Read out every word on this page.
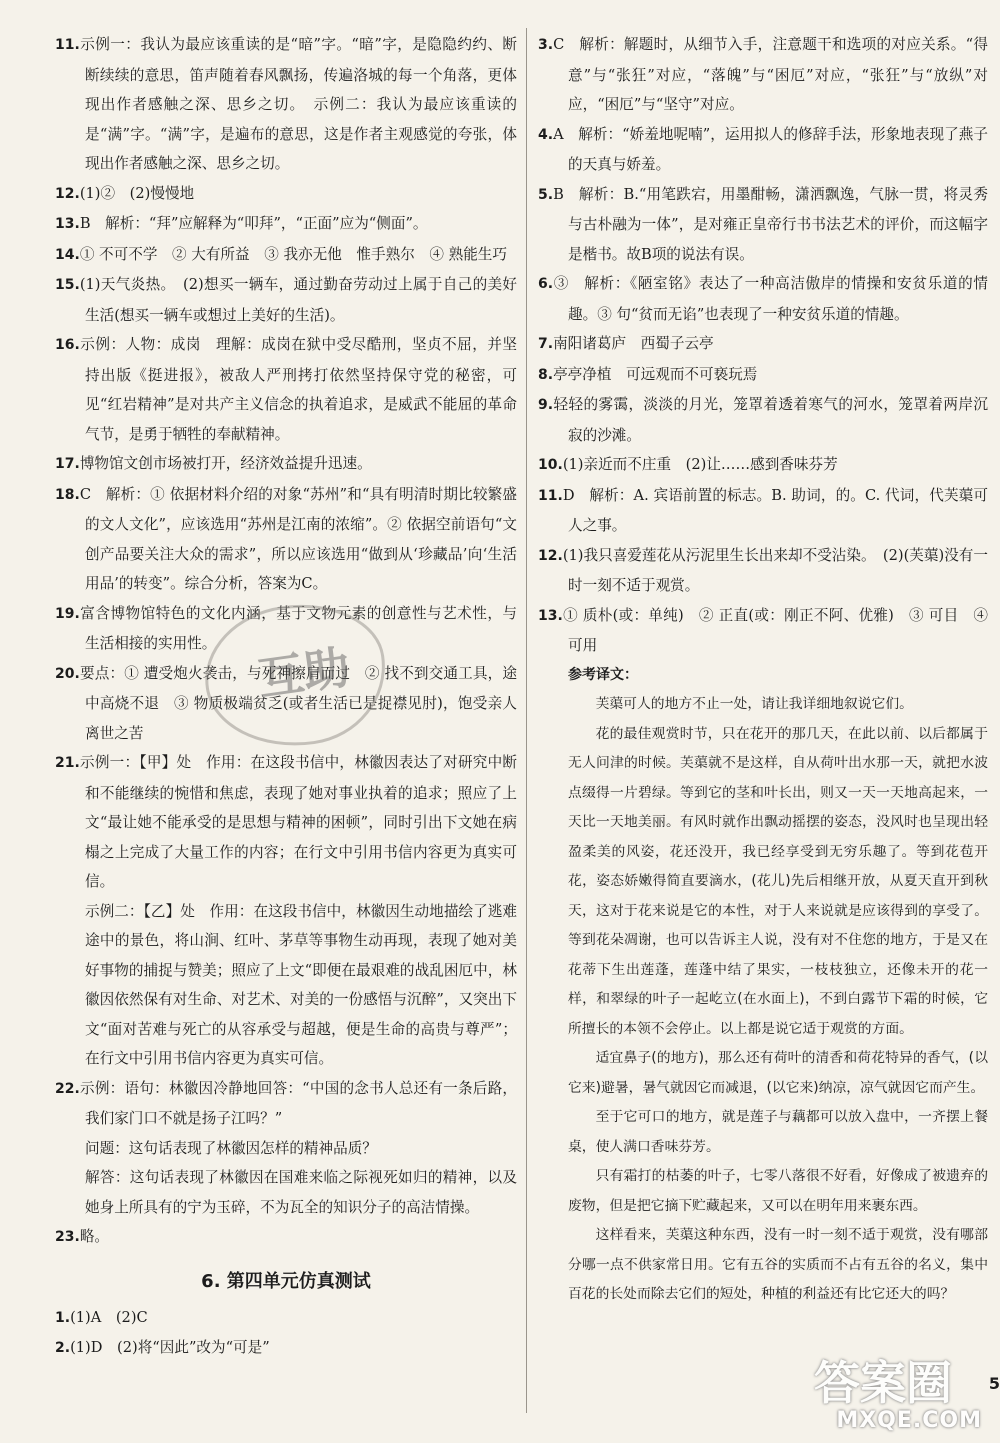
11.示例一：我认为最应该重读的是“暗”字。“暗”字，是隐隐约约、断断续续的意思，笛声随着春风飘扬，传遍洛城的每一个角落，更体现出作者感触之深、思乡之切。　示例二：我认为最应该重读的是“满”字。“满”字，是遍布的意思，这是作者主观感觉的夸张，体现出作者感触之深、思乡之切。
12.(1)②　(2)慢慢地
13.B　解析：“拜”应解释为“叩拜”，“正面”应为“侧面”。
14.① 不可不学　② 大有所益　③ 我亦无他　惟手熟尔　④ 熟能生巧
15.(1)天气炎热。　(2)想买一辆车，通过勤奋劳动过上属于自己的美好生活(想买一辆车或想过上美好的生活)。
16.示例：人物：成岗　理解：成岗在狱中受尽酷刑，坚贞不屈，并坚持出版《挺进报》，被敌人严刑拷打依然坚持保守党的秘密，可见“红岩精神”是对共产主义信念的执着追求，是威武不能屈的革命气节，是勇于牺牲的奉献精神。
17.博物馆文创市场被打开，经济效益提升迅速。
18.C　解析：① 依据材料介绍的对象“苏州”和“具有明清时期比较繁盛的文人文化”，应该选用“苏州是江南的浓缩”。② 依据空前语句“文创产品要关注大众的需求”，所以应该选用“做到从‘珍藏品’向‘生活用品’的转变”。综合分析，答案为C。
19.富含博物馆特色的文化内涵，基于文物元素的创意性与艺术性，与生活相接的实用性。
20.要点：① 遭受炮火袭击，与死神擦肩而过　② 找不到交通工具，途中高烧不退　③ 物质极端贫乏(或者生活已是捉襟见肘)，饱受亲人离世之苦
21.示例一：【甲】处　作用：在这段书信中，林徽因表达了对研究中断和不能继续的惋惜和焦虑，表现了她对事业执着的追求；照应了上文“最让她不能承受的是思想与精神的困顿”，同时引出下文她在病榻之上完成了大量工作的内容；在行文中引用书信内容更为真实可信。
示例二：【乙】处　作用：在这段书信中，林徽因生动地描绘了逃难途中的景色，将山涧、红叶、茅草等事物生动再现，表现了她对美好事物的捕捉与赞美；照应了上文“即便在最艰难的战乱困厄中，林徽因依然保有对生命、对艺术、对美的一份感悟与沉醉”，又突出下文“面对苦难与死亡的从容承受与超越，便是生命的高贵与尊严”；在行文中引用书信内容更为真实可信。
22.示例：语句：林徽因冷静地回答：“中国的念书人总还有一条后路，我们家门口不就是扬子江吗？”
问题：这句话表现了林徽因怎样的精神品质？
解答：这句话表现了林徽因在国难来临之际视死如归的精神，以及她身上所具有的宁为玉碎，不为瓦全的知识分子的高洁情操。
23.略。
6. 第四单元仿真测试
1.(1)A　(2)C
2.(1)D　(2)将“因此”改为“可是”
3.C　解析：解题时，从细节入手，注意题干和选项的对应关系。“得意”与“张狂”对应，“落魄”与“困厄”对应，“张狂”与“放纵”对应，“困厄”与“坚守”对应。
4.A　解析：“娇羞地呢喃”，运用拟人的修辞手法，形象地表现了燕子的天真与娇羞。
5.B　解析：B.“用笔跌宕，用墨酣畅，潇洒飘逸，气脉一贯，将灵秀与古朴融为一体”，是对雍正皇帝行书书法艺术的评价，而这幅字是楷书。故B项的说法有误。
6.③　解析：《陋室铭》表达了一种高洁傲岸的情操和安贫乐道的情趣。③ 句“贫而无谄”也表现了一种安贫乐道的情趣。
7.南阳诸葛庐　西蜀子云亭
8.亭亭净植　可远观而不可亵玩焉
9.轻轻的雾霭，淡淡的月光，笼罩着透着寒气的河水，笼罩着两岸沉寂的沙滩。
10.(1)亲近而不庄重　(2)让……感到香味芬芳
11.D　解析：A. 宾语前置的标志。B. 助词，的。C. 代词，代芙蕖可人之事。
12.(1)我只喜爱莲花从污泥里生长出来却不受沾染。　(2)(芙蕖)没有一时一刻不适于观赏。
13.① 质朴(或：单纯)　② 正直(或：刚正不阿、优雅)　③ 可目　④ 可用
参考译文：
芙蕖可人的地方不止一处，请让我详细地叙说它们。
花的最佳观赏时节，只在花开的那几天，在此以前、以后都属于无人问津的时候。芙蕖就不是这样，自从荷叶出水那一天，就把水波点缀得一片碧绿。等到它的茎和叶长出，则又一天一天地高起来，一天比一天地美丽。有风时就作出飘动摇摆的姿态，没风时也呈现出轻盈柔美的风姿，花还没开，我已经享受到无穷乐趣了。等到花苞开花，姿态娇嫩得简直要滴水，(花儿)先后相继开放，从夏天直开到秋天，这对于花来说是它的本性，对于人来说就是应该得到的享受了。等到花朵凋谢，也可以告诉主人说，没有对不住您的地方，于是又在花蒂下生出莲蓬，莲蓬中结了果实，一枝枝独立，还像未开的花一样，和翠绿的叶子一起屹立(在水面上)，不到白露节下霜的时候，它所擅长的本领不会停止。以上都是说它适于观赏的方面。
适宜鼻子(的地方)，那么还有荷叶的清香和荷花特异的香气，(以它来)避暑，暑气就因它而减退，(以它来)纳凉，凉气就因它而产生。
至于它可口的地方，就是莲子与藕都可以放入盘中，一齐摆上餐桌，使人满口香味芬芳。
只有霜打的枯萎的叶子，七零八落很不好看，好像成了被遗弃的废物，但是把它摘下贮藏起来，又可以在明年用来裹东西。
这样看来，芙蕖这种东西，没有一时一刻不适于观赏，没有哪部分哪一点不供家常日用。它有五谷的实质而不占有五谷的名义，集中百花的长处而除去它们的短处，种植的利益还有比它还大的吗？
互助
5
答案圈
MXQE.COM
